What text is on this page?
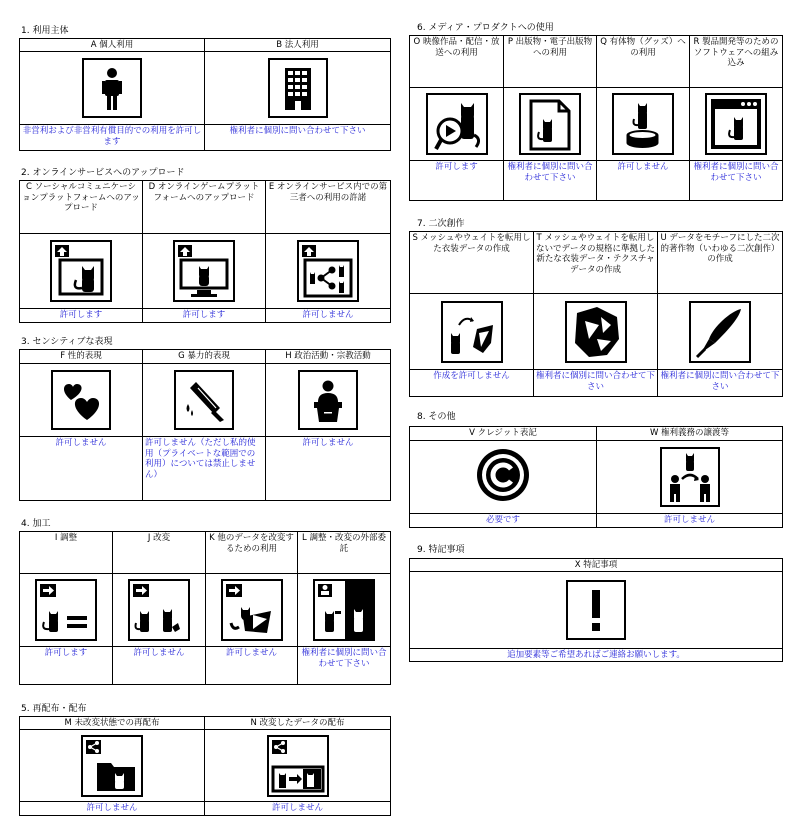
1. 利用主体
A 個人利用	B 法人利用

非営利および非営利有償目的での利用を許可します	権利者に個別に問い合わせて下さい
2. オンラインサービスへのアップロード
C ソーシャルコミュニケーションプラットフォームへのアップロード	D オンラインゲームプラットフォームへのアップロード	E オンラインサービス内での第三者への利用の許諾

許可します	許可します	許可しません
3. センシティブな表現
F 性的表現	G 暴力的表現	H 政治活動・宗教活動

許可しません	許可しません（ただし私的使用（プライベートな範囲での利用）については禁止しません）	許可しません
4. 加工
I 調整	J 改変	K 他のデータを改変するための利用	L 調整・改変の外部委託

許可します	許可しません	許可しません	権利者に個別に問い合わせて下さい
5. 再配布・配布
M 未改変状態での再配布	N 改変したデータの配布

許可しません	許可しません
6. メディア・プロダクトへの使用
O 映像作品・配信・放送への利用	P 出版物・電子出版物への利用	Q 有体物（グッズ）への利用	R 製品開発等のためのソフトウェアへの組み込み

許可します	権利者に個別に問い合わせて下さい	許可しません	権利者に個別に問い合わせて下さい
7. 二次創作
S メッシュやウェイトを転用した衣装データの作成	T メッシュやウェイトを転用しないでデータの規格に準拠した新たな衣装データ・テクスチャデータの作成	U データをモチーフにした二次的著作物（いわゆる二次創作）の作成

作成を許可しません	権利者に個別に問い合わせて下さい	権利者に個別に問い合わせて下さい
8. その他
V クレジット表記	W 権利義務の譲渡等

必要です	許可しません
9. 特記事項
X 特記事項

追加要素等ご希望あればご連絡お願いします。
